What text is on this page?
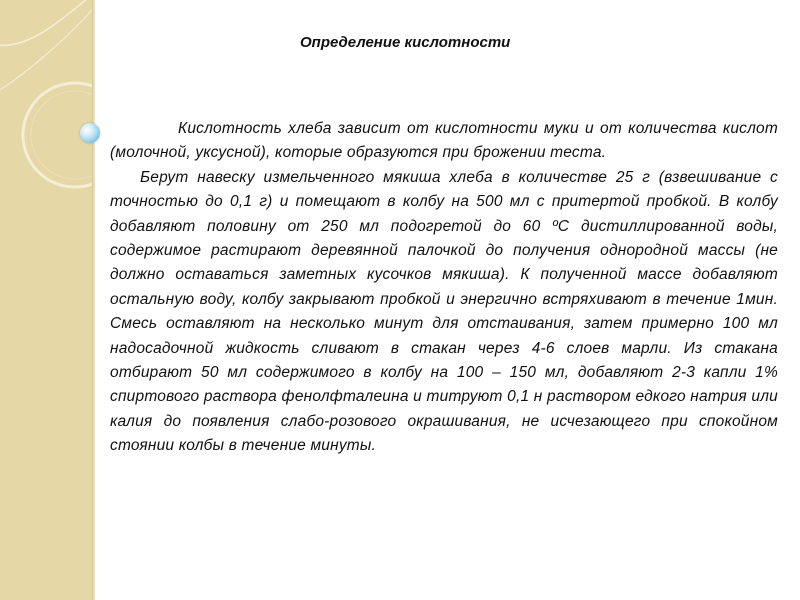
Определение кислотности

Кислотность хлеба зависит от кислотности муки и от количества кислот (молочной, уксусной), которые образуются при брожении теста.

Берут навеску измельченного мякиша хлеба в количестве 25 г (взвешивание с точностью до 0,1 г) и помещают в колбу на 500 мл с притертой пробкой. В колбу добавляют половину от 250 мл подогретой до 60 ºС дистиллированной воды, содержимое растирают деревянной палочкой до получения однородной массы (не должно оставаться заметных кусочков мякиша). К полученной массе добавляют остальную воду, колбу закрывают пробкой и энергично встряхивают в течение 1мин. Смесь оставляют на несколько минут для отстаивания, затем примерно 100 мл надосадочной жидкость сливают в стакан через 4-6 слоев марли. Из стакана отбирают 50 мл содержимого в колбу на 100 – 150 мл, добавляют 2-3 капли 1% спиртового раствора фенолфталеина и титруют 0,1 н раствором едкого натрия или калия до появления слабо-розового окрашивания, не исчезающего при спокойном стоянии колбы в течение минуты.
